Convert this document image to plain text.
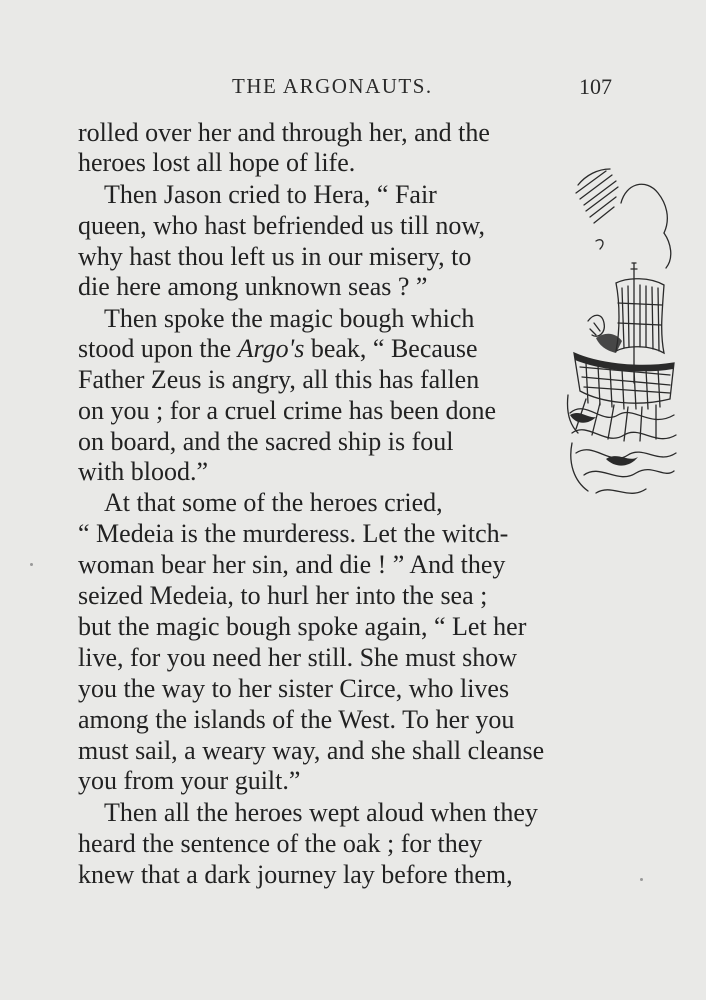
THE ARGONAUTS.	107
rolled over her and through her, and the
heroes lost all hope of life.
Then Jason cried to Hera, “ Fair
queen, who hast befriended us till now,
why hast thou left us in our misery, to
die here among unknown seas ? ”
Then spoke the magic bough which
stood upon the Argo's beak, “ Because
Father Zeus is angry, all this has fallen
on you ; for a cruel crime has been done
on board, and the sacred ship is foul
with blood.”
At that some of the heroes cried,
“ Medeia is the murderess. Let the witch-
woman bear her sin, and die ! ” And they
seized Medeia, to hurl her into the sea ;
but the magic bough spoke again, “ Let her
live, for you need her still. She must show
you the way to her sister Circe, who lives
among the islands of the West. To her you
must sail, a weary way, and she shall cleanse
you from your guilt.”
Then all the heroes wept aloud when they
heard the sentence of the oak ; for they
knew that a dark journey lay before them,
